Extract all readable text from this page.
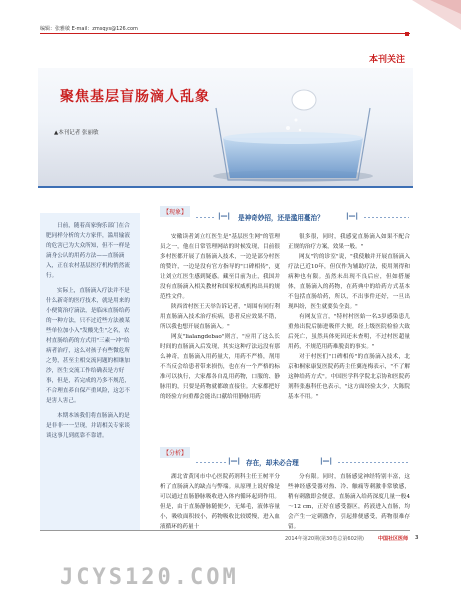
编辑：张雅敏 E-mail：zmsqys@126.com
本刊关注
聚焦基层盲肠滴人乱象
▲本刊记者 张丽敏

日前，随着高家驹乐部门在合肥同样分析的大方家伴，滥用输液的危害已为大众所知，但不一样是滴身公认的用药方法——直肠滴入，正在农村基层医疗机构悄然流行。

实际上，直肠滴入疗法并不是什么新奇的医疗技术，就是用来的小便简治疗滴法，是临床直肠给药的一种方法，只不过近些方法被某些单位加小入"发酸先生"之名，农村直肠给药的方式用"三素一冲"给病者治疗，这么对孩子有些微危所之势，甚至主相交流问题的相继加沙，医生交流工作给确表是方好事，但是，若完成的乃多不规范，不合理直养自保产重风险，这怎不是害人害己。

本期本该我们将直肠滴入的是是非非一一呈现，并请相关专家谈谈这事儿到底靠不靠谱。

【现象】	|—| 是神奇妙招，还是滥用蔓治？	|—|

安徽读者刘立红医生是"基层医生网"的管理员之一，他在日常管理网站的时候发现，目前很多村医都开展了直肠滴入技术，一边是部分村医的赞许，一边是没有官方指导的"口碑相传"，更让刘立红医生感到疑惑。藏至目前为止，我国并没有直肠滴入相关教材和国家权威机构出具的规范性文件。

陕西省村医王天举告诉记者，"周围有同行利用直肠滴入技术治疗疾病，患者反应效果不错，所以我也想开展直肠滴入。"

网友"lialangdebao"则言，"应用了这么长时间的直肠滴入后发现，其实这种疗法远没有那么神奇，直肠滴入用药量大，用药不严格，剂用不当反会给患者带来损伤，也在有一个严格的标准可以执行，大家都各自乱用药物，口服的、静脉用的，只要是药物就都敢直接往。大家都把好的经验方向重都会能出口献给用静脉用药

很多很，同时，我感觉直肠滴入如果不配合正规的治疗方案，效果一般。"

网友"钓的诊室"说，"我使触并开展直肠滴入疗法已近10年，但仅作为辅助疗法，使用剂得和病种也有限。虽然未出现不良后应，但如搭屡体，直肠滴入的药物，在药典中的给药方式基本不包括直肠给药，所以，不出事件还好，一旦出现纠纷，医生就要负全责。"

有网友宣言，"特村村医始一名3岁感染患儿重热出院后肺进吸伴大便，经上级医院检验大致后死亡，虽然具体死因还未查明，不过村医超量用药，不规范用药难脱责的事实。"

对于村医们"口碑相传"的直肠滴入技术，北京和桐家康复医院药药主任翼连梅表示，"不了解这种给药方式"。中国医学科学院北京协和医院药剂科张惠科任也表示，"这方面经验太少，大陈院基本不用。"

【分析】
|—| 存在，却未必合理	|—|

湖北省黄冈市中心医院药剂科主任王树平分析了直肠滴入的缺点与弊端。从原理上说好像是可以通过直肠静脉吸收进入体内循环起到作用。但是，由于直肠静脉随便少，无烯毛，液体容量小，吸收面积较小，药物吸收比较缓慢，进入血液循环的药量十

分有限。同时，直肠感觉神经特别丰富，这些神经感受器对热、冷、触痛等刺激非常敏感，稍有刺激即会便意，直肠滴入给药深度几量一般4～12 cm，正好在感受器区，药液进入直肠，均会产生一定刺激作，引起排便感受，药物很难存留。

2014年第20期(第30卷总第602期)	中国社区医师 3
JCYS120.COM
